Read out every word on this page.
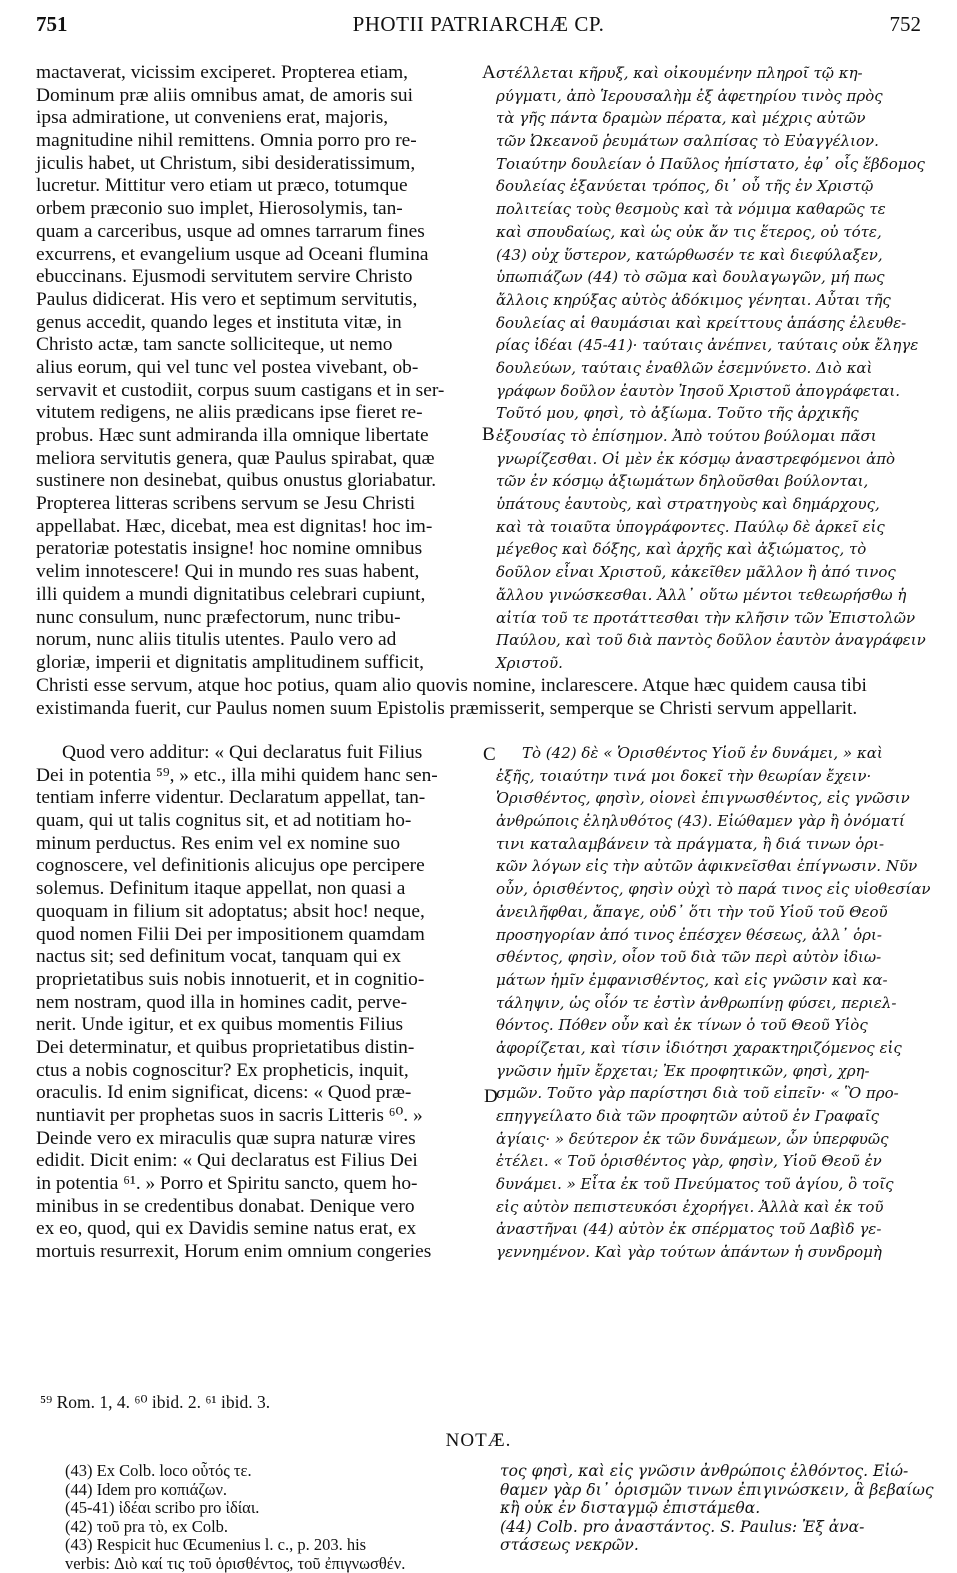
751	PHOTII PATRIARCHÆ CP.	752
mactaverat, vicissim exciperet. Propterea etiam,
Dominum præ aliis omnibus amat, de amoris sui
ipsa admiratione, ut conveniens erat, majoris,
magnitudine nihil remittens. Omnia porro pro re-
jiculis habet, ut Christum, sibi desideratissimum,
lucretur. Mittitur vero etiam ut præco, totumque
orbem præconio suo implet, Hierosolymis, tan-
quam a carceribus, usque ad omnes tarrarum fines
excurrens, et evangelium usque ad Oceani flumina
ebuccinans. Ejusmodi servitutem servire Christo
Paulus didicerat. His vero et septimum servitutis,
genus accedit, quando leges et instituta vitæ, in
Christo actæ, tam sancte solliciteque, ut nemo
alius eorum, qui vel tunc vel postea vivebant, ob-
servavit et custodiit, corpus suum castigans et in ser-
vitutem redigens, ne aliis prædicans ipse fieret re-
probus. Hæc sunt admiranda illa omnique libertate
meliora servitutis genera, quæ Paulus spirabat, quæ
sustinere non desinebat, quibus onustus gloriabatur.
Propterea litteras scribens servum se Jesu Christi
appellabat. Hæc, dicebat, mea est dignitas! hoc im-
peratoriæ potestatis insigne! hoc nomine omnibus
velim innotescere! Qui in mundo res suas habent,
illi quidem a mundi dignitatibus celebrari cupiunt,
nunc consulum, nunc præfectorum, nunc tribu-
norum, nunc aliis titulis utentes. Paulo vero ad
gloriæ, imperii et dignitatis amplitudinem sufficit,
στέλλεται κῆρυξ, καὶ οἰκουμένην πληροῖ τῷ κη-
ρύγματι, ἀπὸ Ἱερουσαλὴμ ἐξ ἀφετηρίου τινὸς πρὸς
τὰ γῆς πάντα δραμὼν πέρατα, καὶ μέχρις αὐτῶν
τῶν Ὠκεανοῦ ῥευμάτων σαλπίσας τὸ Εὐαγγέλιον.
Τοιαύτην δουλείαν ὁ Παῦλος ἠπίστατο, ἐφ᾽ οἷς ἕβδομος
δουλείας ἐξανύεται τρόπος, δι᾽ οὗ τῆς ἐν Χριστῷ
πολιτείας τοὺς θεσμοὺς καὶ τὰ νόμιμα καθαρῶς τε
καὶ σπουδαίως, καὶ ὡς οὐκ ἄν τις ἕτερος, οὐ τότε,
(43) οὐχ ὕστερον, κατώρθωσέν τε καὶ διεφύλαξεν,
ὑπωπιάζων (44) τὸ σῶμα καὶ δουλαγωγῶν, μή πως
ἄλλοις κηρύξας αὐτὸς ἀδόκιμος γένηται. Αὗται τῆς
δουλείας αἱ θαυμάσιαι καὶ κρείττους ἁπάσης ἐλευθε-
ρίας ἰδέαι (45-41)· ταύταις ἀνέπνει, ταύταις οὐκ ἔληγε
δουλεύων, ταύταις ἐναθλῶν ἐσεμνύνετο. Διὸ καὶ
γράφων δοῦλον ἑαυτὸν Ἰησοῦ Χριστοῦ ἀπογράφεται.
Τοῦτό μου, φησὶ, τὸ ἀξίωμα. Τοῦτο τῆς ἀρχικῆς
ἐξουσίας τὸ ἐπίσημον. Ἀπὸ τούτου βούλομαι πᾶσι
γνωρίζεσθαι. Οἱ μὲν ἐκ κόσμῳ ἀναστρεφόμενοι ἀπὸ
τῶν ἐν κόσμῳ ἀξιωμάτων δηλοῦσθαι βούλονται,
ὑπάτους ἑαυτοὺς, καὶ στρατηγοὺς καὶ δημάρχους,
καὶ τὰ τοιαῦτα ὑπογράφοντες. Παύλῳ δὲ ἀρκεῖ εἰς
μέγεθος καὶ δόξης, καὶ ἀρχῆς καὶ ἀξιώματος, τὸ
δοῦλον εἶναι Χριστοῦ, κἀκεῖθεν μᾶλλον ἢ ἀπό τινος
ἄλλου γινώσκεσθαι. Ἀλλ᾽ οὕτω μέντοι τεθεωρήσθω ἡ
αἰτία τοῦ τε προτάττεσθαι τὴν κλῆσιν τῶν Ἐπιστολῶν
Παύλου, καὶ τοῦ διὰ παντὸς δοῦλον ἑαυτὸν ἀναγράφειν
Χριστοῦ.
A
B
C
D
Christi esse servum, atque hoc potius, quam alio quovis nomine, inclarescere. Atque hæc quidem causa tibi
existimanda fuerit, cur Paulus nomen suum Epistolis præmisserit, semperque se Christi servum appellarit.
Quod vero additur: « Qui declaratus fuit Filius
Dei in potentia ⁵⁹, » etc., illa mihi quidem hanc sen-
tentiam inferre videntur. Declaratum appellat, tan-
quam, qui ut talis cognitus sit, et ad notitiam ho-
minum perductus. Res enim vel ex nomine suo
cognoscere, vel definitionis alicujus ope percipere
solemus. Definitum itaque appellat, non quasi a
quoquam in filium sit adoptatus; absit hoc! neque,
quod nomen Filii Dei per impositionem quamdam
nactus sit; sed definitum vocat, tanquam qui ex
proprietatibus suis nobis innotuerit, et in cognitio-
nem nostram, quod illa in homines cadit, perve-
nerit. Unde igitur, et ex quibus momentis Filius
Dei determinatur, et quibus proprietatibus distin-
ctus a nobis cognoscitur? Ex propheticis, inquit,
oraculis. Id enim significat, dicens: « Quod præ-
nuntiavit per prophetas suos in sacris Litteris ⁶⁰. »
Deinde vero ex miraculis quæ supra naturæ vires
edidit. Dicit enim: « Qui declaratus est Filius Dei
in potentia ⁶¹. » Porro et Spiritu sancto, quem ho-
minibus in se credentibus donabat. Denique vero
ex eo, quod, qui ex Davidis semine natus erat, ex
mortuis resurrexit, Horum enim omnium congeries
Τὸ (42) δὲ « Ὁρισθέντος Υἱοῦ ἐν δυνάμει, » καὶ
ἑξῆς, τοιαύτην τινά μοι δοκεῖ τὴν θεωρίαν ἔχειν·
Ὁρισθέντος, φησὶν, οἱονεὶ ἐπιγνωσθέντος, εἰς γνῶσιν
ἀνθρώποις ἐληλυθότος (43). Εἰώθαμεν γὰρ ἢ ὀνόματί
τινι καταλαμβάνειν τὰ πράγματα, ἢ διά τινων ὁρι-
κῶν λόγων εἰς τὴν αὐτῶν ἀφικνεῖσθαι ἐπίγνωσιν. Νῦν
οὖν, ὁρισθέντος, φησὶν οὐχὶ τὸ παρά τινος εἰς υἱοθεσίαν
ἀνειλῆφθαι, ἄπαγε, οὐδ᾽ ὅτι τὴν τοῦ Υἱοῦ τοῦ Θεοῦ
προσηγορίαν ἀπό τινος ἐπέσχεν θέσεως, ἀλλ᾽ ὁρι-
σθέντος, φησὶν, οἷον τοῦ διὰ τῶν περὶ αὐτὸν ἰδιω-
μάτων ἡμῖν ἐμφανισθέντος, καὶ εἰς γνῶσιν καὶ κα-
τάληψιν, ὡς οἷόν τε ἐστὶν ἀνθρωπίνῃ φύσει, περιελ-
θόντος. Πόθεν οὖν καὶ ἐκ τίνων ὁ τοῦ Θεοῦ Υἱὸς
ἀφορίζεται, καὶ τίσιν ἰδιότησι χαρακτηριζόμενος εἰς
γνῶσιν ἡμῖν ἔρχεται; Ἐκ προφητικῶν, φησὶ, χρη-
σμῶν. Τοῦτο γὰρ παρίστησι διὰ τοῦ εἰπεῖν· « Ὃ προ-
επηγγείλατο διὰ τῶν προφητῶν αὐτοῦ ἐν Γραφαῖς
ἁγίαις· » δεύτερον ἐκ τῶν δυνάμεων, ὧν ὑπερφυῶς
ἐτέλει. « Τοῦ ὁρισθέντος γὰρ, φησὶν, Υἱοῦ Θεοῦ ἐν
δυνάμει. » Εἶτα ἐκ τοῦ Πνεύματος τοῦ ἁγίου, ὃ τοῖς
εἰς αὐτὸν πεπιστευκόσι ἐχορήγει. Ἀλλὰ καὶ ἐκ τοῦ
ἀναστῆναι (44) αὐτὸν ἐκ σπέρματος τοῦ Δαβὶδ γε-
γεννημένον. Καὶ γὰρ τούτων ἁπάντων ἡ συνδρομὴ
⁵⁹ Rom. 1, 4. ⁶⁰ ibid. 2. ⁶¹ ibid. 3.
NOTÆ.
(43) Ex Colb. loco οὗτός τε.
(44) Idem pro κοπιάζων.
(45-41) ἰδέαι scribo pro ἰδίαι.
(42) τοῦ pra τὸ, ex Colb.
(43) Respicit huc Œcumenius l. c., p. 203. his
verbis: Διὸ καί τις τοῦ ὁρισθέντος, τοῦ ἐπιγνωσθέν.
τος φησὶ, καὶ εἰς γνῶσιν ἀνθρώποις ἐλθόντος. Εἰώ-
θαμεν γὰρ δι᾽ ὁρισμῶν τινων ἐπιγινώσκειν, ἃ βεβαίως
κἢ οὐκ ἐν δισταγμῷ ἐπιστάμεθα.
(44) Colb. pro ἀναστάντος. S. Paulus: Ἐξ ἀνα-
στάσεως νεκρῶν.
